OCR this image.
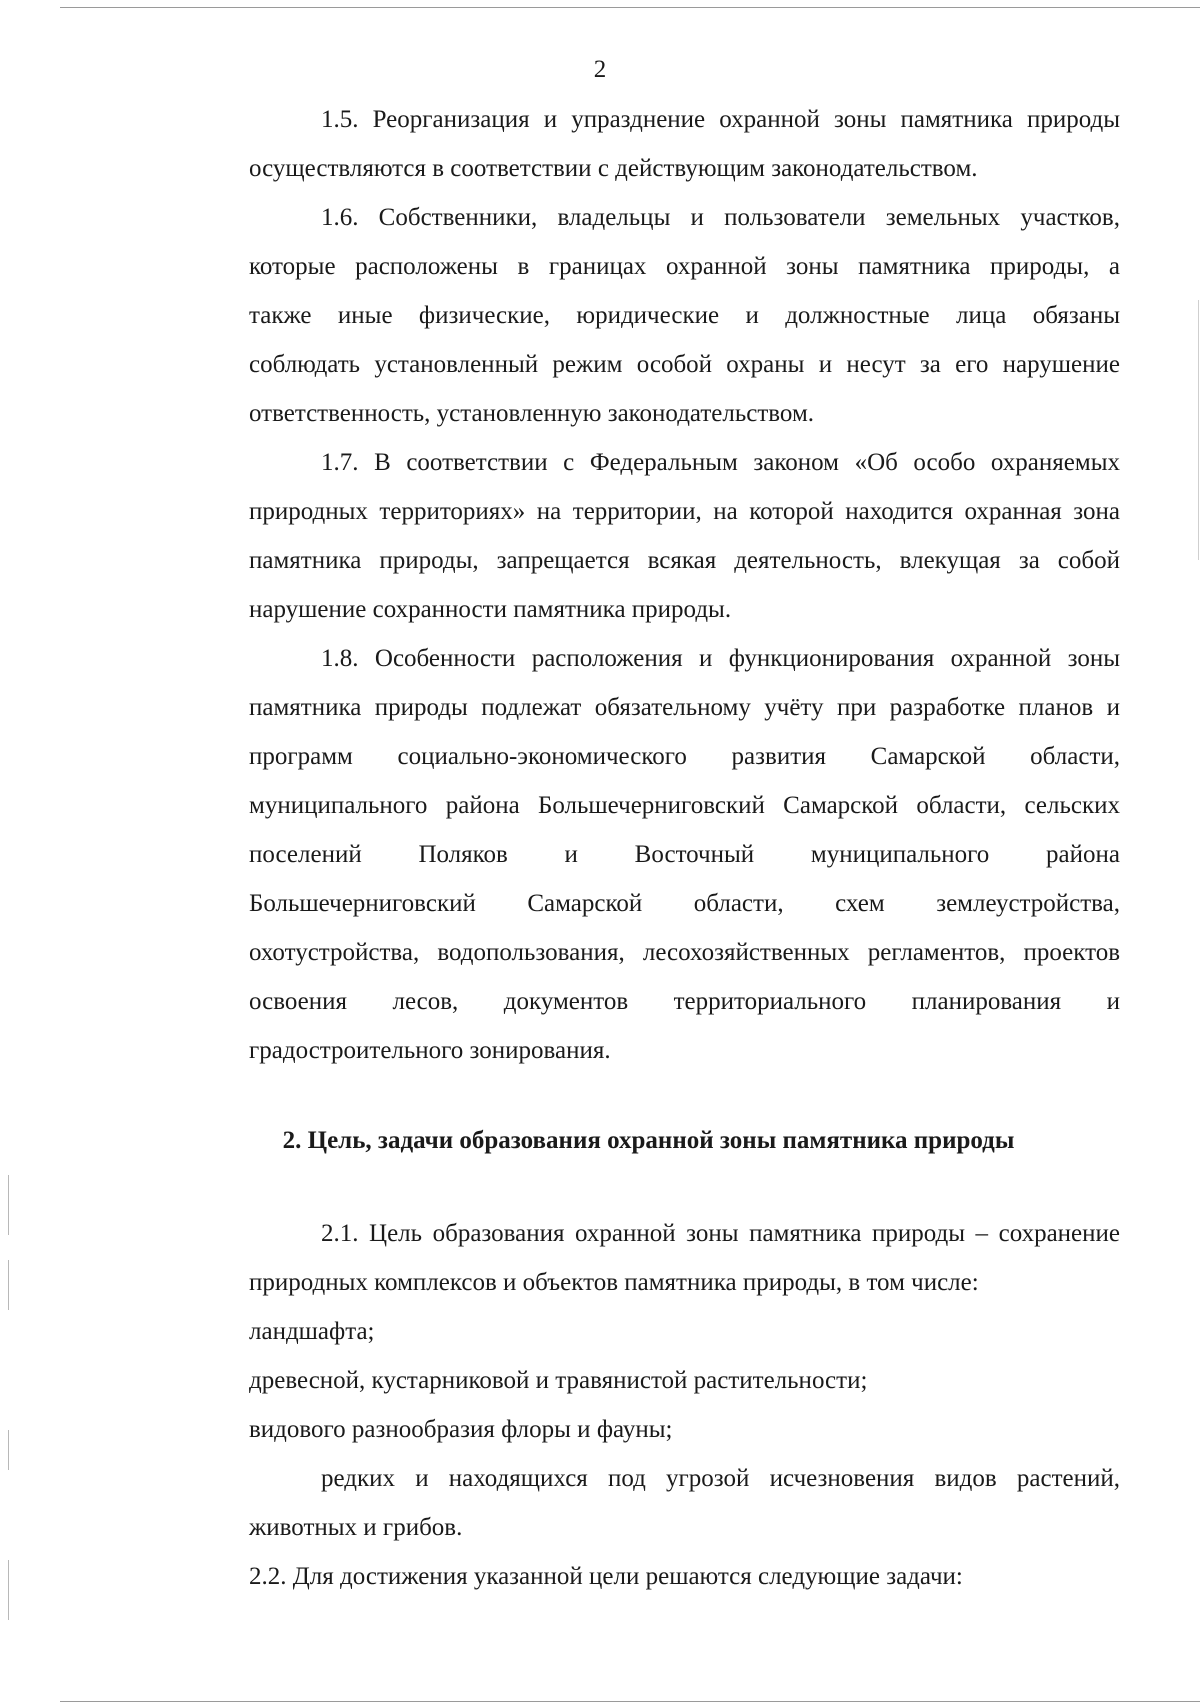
2

1.5. Реорганизация и упразднение охранной зоны памятника природы
осуществляются в соответствии с действующим законодательством.

1.6. Собственники, владельцы и пользователи земельных участков,
которые расположены в границах охранной зоны памятника природы, а
также иные физические, юридические и должностные лица обязаны
соблюдать установленный режим особой охраны и несут за его нарушение
ответственность, установленную законодательством.

1.7. В соответствии с Федеральным законом «Об особо охраняемых
природных территориях» на территории, на которой находится охранная зона
памятника природы, запрещается всякая деятельность, влекущая за собой
нарушение сохранности памятника природы.

1.8. Особенности расположения и функционирования охранной зоны
памятника природы подлежат обязательному учёту при разработке планов и
программ социально-экономического развития Самарской области,
муниципального района Большечерниговский Самарской области, сельских
поселений Поляков и Восточный муниципального района
Большечерниговский Самарской области, схем землеустройства,
охотустройства, водопользования, лесохозяйственных регламентов, проектов
освоения лесов, документов территориального планирования и
градостроительного зонирования.

2. Цель, задачи образования охранной зоны памятника природы

2.1. Цель образования охранной зоны памятника природы – сохранение
природных комплексов и объектов памятника природы, в том числе:

ландшафта;

древесной, кустарниковой и травянистой растительности;

видового разнообразия флоры и фауны;

редких и находящихся под угрозой исчезновения видов растений,
животных и грибов.

2.2. Для достижения указанной цели решаются следующие задачи:
